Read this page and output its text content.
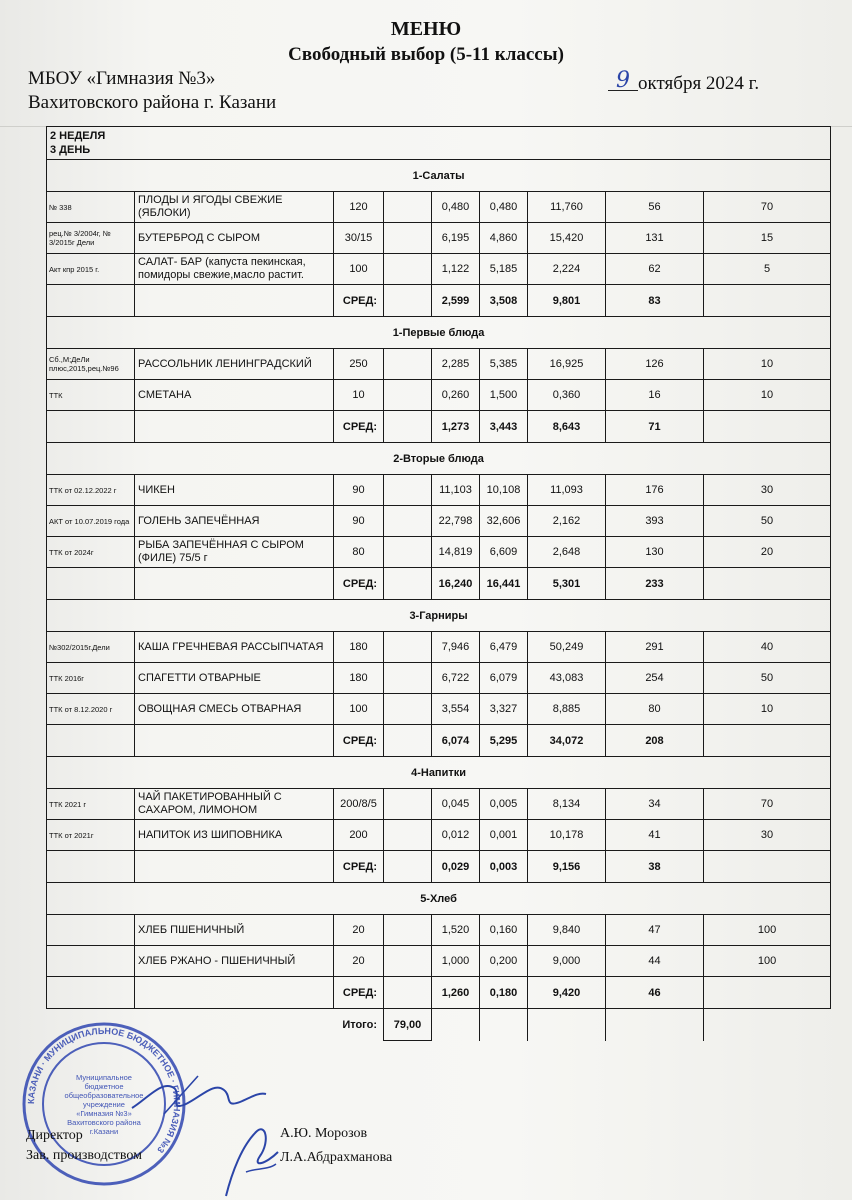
МЕНЮ
Свободный выбор (5-11 классы)
МБОУ «Гимназия №3»
Вахитовского района г. Казани
9 октября 2024 г.
2 НЕДЕЛЯ
3 ДЕНЬ								

1-Салаты								
№ 338	ПЛОДЫ И ЯГОДЫ СВЕЖИЕ (ЯБЛОКИ)	120		0,480	0,480	11,760	56	70
рец.№ 3/2004г, № 3/2015г Дели	БУТЕРБРОД С СЫРОМ	30/15		6,195	4,860	15,420	131	15
Акт кпр 2015 г.	САЛАТ- БАР (капуста пекинская, помидоры свежие,масло растит.	100		1,122	5,185	2,224	62	5
		СРЕД:		2,599	3,508	9,801	83	
1-Первые блюда								
Сб.,М;ДеЛи плюс,2015,рец.№96	РАССОЛЬНИК ЛЕНИНГРАДСКИЙ	250		2,285	5,385	16,925	126	10
ТТК	СМЕТАНА	10		0,260	1,500	0,360	16	10
		СРЕД:		1,273	3,443	8,643	71	
2-Вторые блюда								
ТТК от 02.12.2022 г	ЧИКЕН	90		11,103	10,108	11,093	176	30
АКТ от 10.07.2019 года	ГОЛЕНЬ ЗАПЕЧЁННАЯ	90		22,798	32,606	2,162	393	50
ТТК от 2024г	РЫБА ЗАПЕЧЁННАЯ С СЫРОМ (ФИЛЕ) 75/5 г	80		14,819	6,609	2,648	130	20
		СРЕД:		16,240	16,441	5,301	233	
3-Гарниры								
№302/2015г.Дели	КАША ГРЕЧНЕВАЯ РАССЫПЧАТАЯ	180		7,946	6,479	50,249	291	40
ТТК 2016г	СПАГЕТТИ ОТВАРНЫЕ	180		6,722	6,079	43,083	254	50
ТТК от 8.12.2020 г	ОВОЩНАЯ СМЕСЬ ОТВАРНАЯ	100		3,554	3,327	8,885	80	10
		СРЕД:		6,074	5,295	34,072	208	
4-Напитки								
ТТК 2021 г	ЧАЙ ПАКЕТИРОВАННЫЙ С САХАРОМ, ЛИМОНОМ	200/8/5		0,045	0,005	8,134	34	70
ТТК от 2021г	НАПИТОК ИЗ ШИПОВНИКА	200		0,012	0,001	10,178	41	30
		СРЕД:		0,029	0,003	9,156	38	
5-Хлеб								
	ХЛЕБ ПШЕНИЧНЫЙ	20		1,520	0,160	9,840	47	100
	ХЛЕБ РЖАНО - ПШЕНИЧНЫЙ	20		1,000	0,200	9,000	44	100
		СРЕД:		1,260	0,180	9,420	46	
Итого:			79,00					
КАЗАНИ · МУНИЦИПАЛЬНОЕ БЮДЖЕТНОЕ · ГИМНАЗИЯ №3
Муниципальное
бюджетное
общеобразовательное
учреждение
«Гимназия №3»
Вахитовского района
г.Казани
Директор
Зав. производством
А.Ю. Морозов
Л.А.Абдрахманова
